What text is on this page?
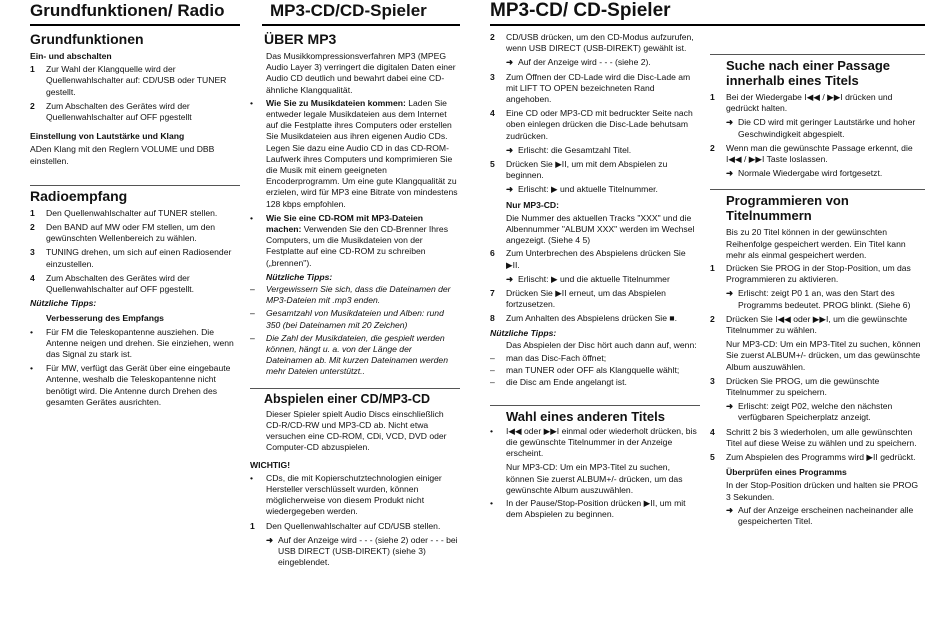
Grundfunktionen/ Radio	MP3-CD/CD-Spieler	MP3-CD/ CD-Spieler
Grundfunktionen
Ein- und abschalten
1	Zur Wahl der Klangquelle wird der Quellenwahlschalter auf: CD/USB oder TUNER gestellt.
2	Zum Abschalten des Gerätes wird der Quellenwahlschalter auf OFF pgestellt
Einstellung von Lautstärke und Klang
ADen Klang mit den Reglern VOLUME und DBB einstellen.
Radioempfang
1	Den Quellenwahlschalter auf TUNER stellen.
2	Den BAND auf MW oder FM stellen, um den gewünschten Wellenbereich zu wählen.
3	TUNING drehen, um sich auf einen Radiosender einzustellen.
4	Zum Abschalten des Gerätes wird der Quellenwahlschalter auf OFF pgestellt.
Nützliche Tipps:
Verbesserung des Empfangs
•	Für FM die Teleskopantenne ausziehen. Die Antenne neigen und drehen. Sie einziehen, wenn das Signal zu stark ist.
•	Für MW, verfügt das Gerät über eine eingebaute Antenne, weshalb die Teleskopantenne nicht benötigt wird. Die Antenne durch Drehen des gesamten Gerätes ausrichten.
ÜBER MP3
Das Musikkompressionsverfahren MP3 (MPEG Audio Layer 3) verringert die digitalen Daten einer Audio CD deutlich und bewahrt dabei eine CD-ähnliche Klangqualität.
•	Wie Sie zu Musikdateien kommen: Laden Sie entweder legale Musikdateien aus dem Internet auf die Festplatte ihres Computers oder erstellen Sie Musikdateien aus ihren eigenen Audio CDs. Legen Sie dazu eine Audio CD in das CD-ROM-Laufwerk ihres Computers und komprimieren Sie die Musik mit einem geeigneten Encoderprogramm. Um eine gute Klangqualität zu erzielen, wird für MP3 eine Bitrate von mindestens 128 kbps empfohlen.
•	Wie Sie eine CD-ROM mit MP3-Dateien machen: Verwenden Sie den CD-Brenner Ihres Computers, um die Musikdateien von der Festplatte auf eine CD-ROM zu schreiben („brennen").
Nützliche Tipps:
–	Vergewissern Sie sich, dass die Dateinamen der MP3-Dateien mit .mp3 enden.
–	Gesamtzahl von Musikdateien und Alben: rund 350 (bei Dateinamen mit 20 Zeichen)
–	Die Zahl der Musikdateien, die gespielt werden können, hängt u. a. von der Länge der Dateinamen ab. Mit kurzen Dateinamen werden mehr Dateien unterstützt..
Abspielen einer CD/MP3-CD
Dieser Spieler spielt Audio Discs einschließlich CD-R/CD-RW und MP3-CD ab. Nicht etwa versuchen eine CD-ROM, CDi, VCD, DVD oder Computer-CD abzuspielen.
WICHTIG!
•	CDs, die mit Kopierschutztechnologien einiger Hersteller verschlüsselt wurden, können möglicherweise von diesem Produkt nicht wiedergegeben werden.
1	Den Quellenwahlschalter auf CD/USB stellen.
➜ Auf der Anzeige wird - - - (siehe 2) oder - - - bei USB DIRECT (USB-DIREKT) (siehe 3) eingeblendet.
2	CD/USB drücken, um den CD-Modus aufzurufen, wenn USB DIRECT (USB-DIREKT) gewählt ist.
➜ Auf der Anzeige wird - - - (siehe 2).
3	Zum Öffnen der CD-Lade wird die Disc-Lade am mit LIFT TO OPEN bezeichneten Rand angehoben.
4	Eine CD oder MP3-CD mit bedruckter Seite nach oben einlegen drücken die Disc-Lade behutsam zudrücken.
➜ Erlischt: die Gesamtzahl Titel.
5	Drücken Sie ▶II, um mit dem Abspielen zu beginnen.
➜ Erlischt: ▶ und aktuelle Titelnummer.
Nur MP3-CD:
Die Nummer des aktuellen Tracks "XXX" und die Albennummer "ALBUM XXX" werden im Wechsel angezeigt. (Siehe 4 5)
6	Zum Unterbrechen des Abspielens drücken Sie ▶II.
➜ Erlischt: ▶ und die aktuelle Titelnummer
7	Drücken Sie ▶II erneut, um das Abspielen fortzusetzen.
8	Zum Anhalten des Abspielens drücken Sie ■.
Nützliche Tipps:
Das Abspielen der Disc hört auch dann auf, wenn:
–	man das Disc-Fach öffnet;
–	man TUNER oder OFF als Klangquelle wählt;
–	die Disc am Ende angelangt ist.
Wahl eines anderen Titels
•	I◀◀ oder ▶▶I einmal oder wiederholt drücken, bis die gewünschte Titelnummer in der Anzeige erscheint.
Nur MP3-CD: Um ein MP3-Titel zu suchen, können Sie zuerst ALBUM+/- drücken, um das gewünschte Album auszuwählen.
•	In der Pause/Stop-Position drücken ▶II, um mit dem Abspielen zu beginnen.
Suche nach einer Passage innerhalb eines Titels
1	Bei der Wiedergabe I◀◀ / ▶▶I drücken und gedrückt halten.
➜ Die CD wird mit geringer Lautstärke und hoher Geschwindigkeit abgespielt.
2	Wenn man die gewünschte Passage erkennt, die I◀◀ / ▶▶I Taste loslassen.
➜ Normale Wiedergabe wird fortgesetzt.
Programmieren von Titelnummern
Bis zu 20 Titel können in der gewünschten Reihenfolge gespeichert werden. Ein Titel kann mehr als einmal gespeichert werden.
1	Drücken Sie PROG in der Stop-Position, um das Programmieren zu aktivieren.
➜ Erlischt: zeigt P0 1 an, was den Start des Programms bedeutet. PROG blinkt. (Siehe 6)
2	Drücken Sie I◀◀ oder ▶▶I, um die gewünschte Titelnummer zu wählen.
Nur MP3-CD: Um ein MP3-Titel zu suchen, können Sie zuerst ALBUM+/- drücken, um das gewünschte Album auszuwählen.
3	Drücken Sie PROG, um die gewünschte Titelnummer zu speichern.
➜ Erlischt: zeigt P02, welche den nächsten verfügbaren Speicherplatz anzeigt.
4	Schritt 2 bis 3 wiederholen, um alle gewünschten Titel auf diese Weise zu wählen und zu speichern.
5	Zum Abspielen des Programms wird ▶II gedrückt.
Überprüfen eines Programms
In der Stop-Position drücken und halten sie PROG 3 Sekunden.
➜ Auf der Anzeige erscheinen nacheinander alle gespeicherten Titel.
